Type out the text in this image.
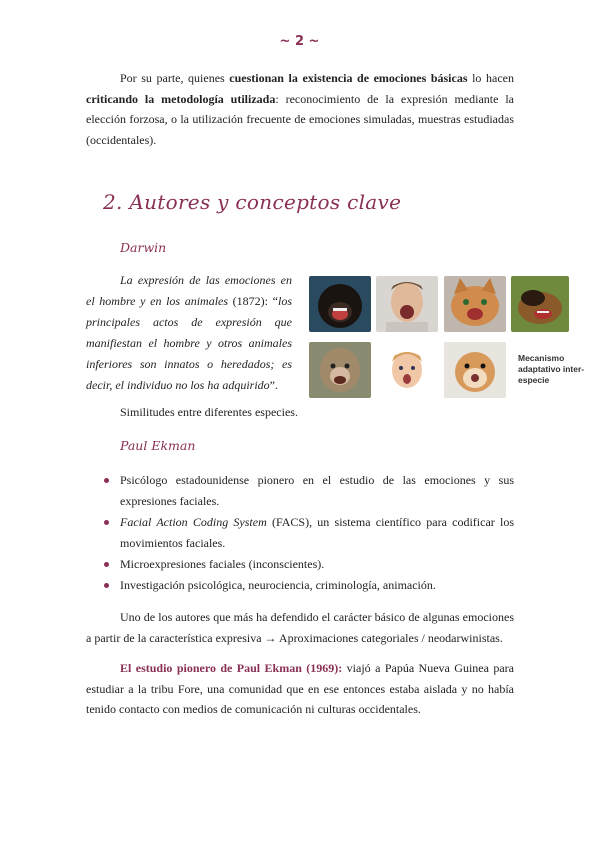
~ 2 ~

Por su parte, quienes cuestionan la existencia de emociones básicas lo hacen criticando la metodología utilizada: reconocimiento de la expresión mediante la elección forzosa, o la utilización frecuente de emociones simuladas, muestras estudiadas (occidentales).

2. Autores y conceptos clave
Darwin

La expresión de las emociones en el hombre y en los animales (1872): “los principales actos de expresión que manifiestan el hombre y otros animales inferiores son innatos o heredados; es decir, el individuo no los ha adquirido”.

Mecanismo adaptativo inter-especie
Similitudes entre diferentes especies.
Paul Ekman
Psicólogo estadounidense pionero en el estudio de las emociones y sus expresiones faciales.
Facial Action Coding System (FACS), un sistema científico para codificar los movimientos faciales.
Microexpresiones faciales (inconscientes).
Investigación psicológica, neurociencia, criminología, animación.

Uno de los autores que más ha defendido el carácter básico de algunas emociones a partir de la característica expresiva → Aproximaciones categoriales / neodarwinistas.

El estudio pionero de Paul Ekman (1969): viajó a Papúa Nueva Guinea para estudiar a la tribu Fore, una comunidad que en ese entonces estaba aislada y no había tenido contacto con medios de comunicación ni culturas occidentales.
